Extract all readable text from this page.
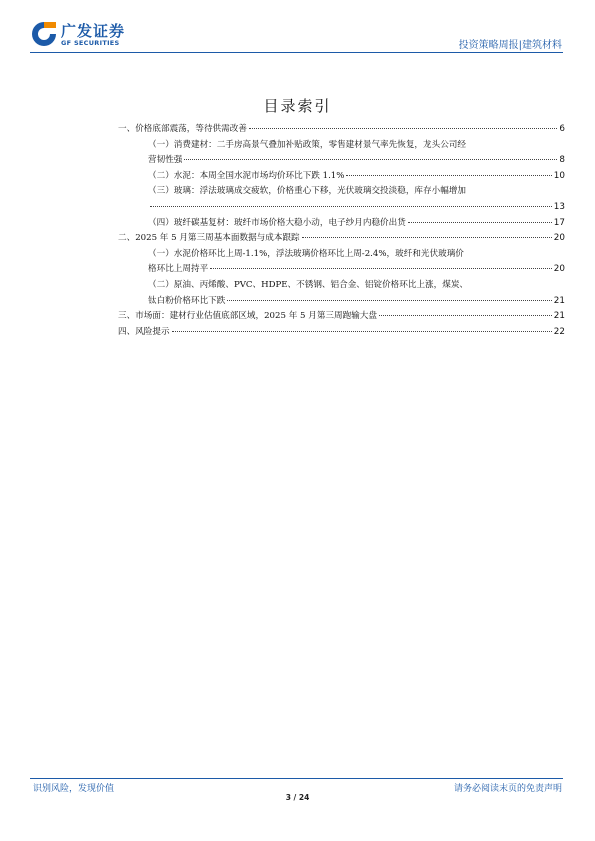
广发证券
GF SECURITIES	投资策略周报|建筑材料
目录索引
一、价格底部震荡，等待供需改善	6
（一）消费建材：二手房高景气叠加补贴政策，零售建材景气率先恢复，龙头公司经
营韧性强	8
（二）水泥：本周全国水泥市场均价环比下跌 1.1%	10
（三）玻璃：浮法玻璃成交疲软，价格重心下移，光伏玻璃交投淡稳，库存小幅增加
13
（四）玻纤碳基复材：玻纤市场价格大稳小动，电子纱月内稳价出货	17
二、2025 年 5 月第三周基本面数据与成本跟踪	20
（一）水泥价格环比上周-1.1%，浮法玻璃价格环比上周-2.4%，玻纤和光伏玻璃价
格环比上周持平	20
（二）原油、丙烯酸、PVC、HDPE、不锈钢、铝合金、铝锭价格环比上涨，煤炭、
钛白粉价格环比下跌	21
三、市场面：建材行业估值底部区域，2025 年 5 月第三周跑输大盘	21
四、风险提示	22
识别风险，发现价值	请务必阅读末页的免责声明
3 / 24
